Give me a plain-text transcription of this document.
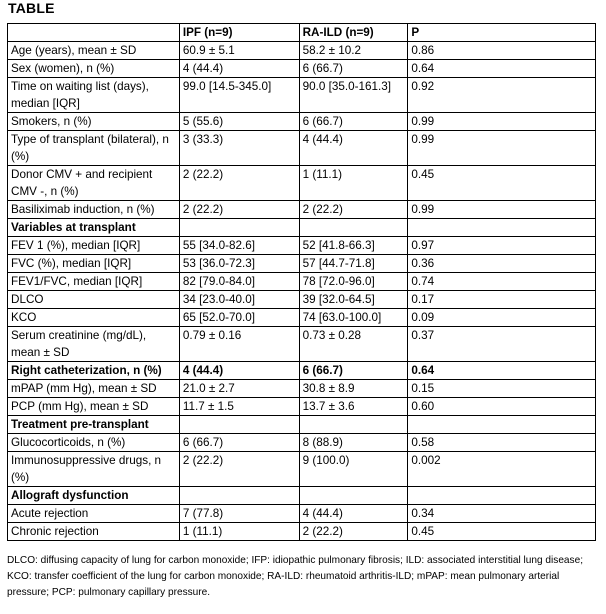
TABLE
	IPF (n=9)	RA-ILD (n=9)	P
Age (years), mean ± SD	60.9 ± 5.1	58.2 ± 10.2	0.86
Sex (women), n (%)	4 (44.4)	6 (66.7)	0.64
Time on waiting list (days), median [IQR]	99.0 [14.5-345.0]	90.0 [35.0-161.3]	0.92
Smokers, n (%)	5 (55.6)	6 (66.7)	0.99
Type of transplant (bilateral), n (%)	3 (33.3)	4 (44.4)	0.99
Donor CMV + and recipient CMV -, n (%)	2 (22.2)	1 (11.1)	0.45
Basiliximab induction, n (%)	2 (22.2)	2 (22.2)	0.99
Variables at transplant			
FEV 1 (%), median [IQR]	55 [34.0-82.6]	52 [41.8-66.3]	0.97
FVC (%), median [IQR]	53 [36.0-72.3]	57 [44.7-71.8]	0.36
FEV1/FVC, median [IQR]	82 [79.0-84.0]	78 [72.0-96.0]	0.74
DLCO	34 [23.0-40.0]	39 [32.0-64.5]	0.17
KCO	65 [52.0-70.0]	74 [63.0-100.0]	0.09
Serum creatinine (mg/dL), mean ± SD	0.79 ± 0.16	0.73 ± 0.28	0.37
Right catheterization, n (%)	4 (44.4)	6 (66.7)	0.64
mPAP (mm Hg), mean ± SD	21.0 ± 2.7	30.8 ± 8.9	0.15
PCP (mm Hg), mean ± SD	11.7 ± 1.5	13.7 ± 3.6	0.60
Treatment pre-transplant			
Glucocorticoids, n (%)	6 (66.7)	8 (88.9)	0.58
Immunosuppressive drugs, n (%)	2 (22.2)	9 (100.0)	0.002
Allograft dysfunction			
Acute rejection	7 (77.8)	4 (44.4)	0.34
Chronic rejection	1 (11.1)	2 (22.2)	0.45
DLCO: diffusing capacity of lung for carbon monoxide; IFP: idiopathic pulmonary fibrosis; ILD: associated interstitial lung disease; KCO: transfer coefficient of the lung for carbon monoxide; RA-ILD: rheumatoid arthritis-ILD; mPAP: mean pulmonary arterial pressure; PCP: pulmonary capillary pressure.
